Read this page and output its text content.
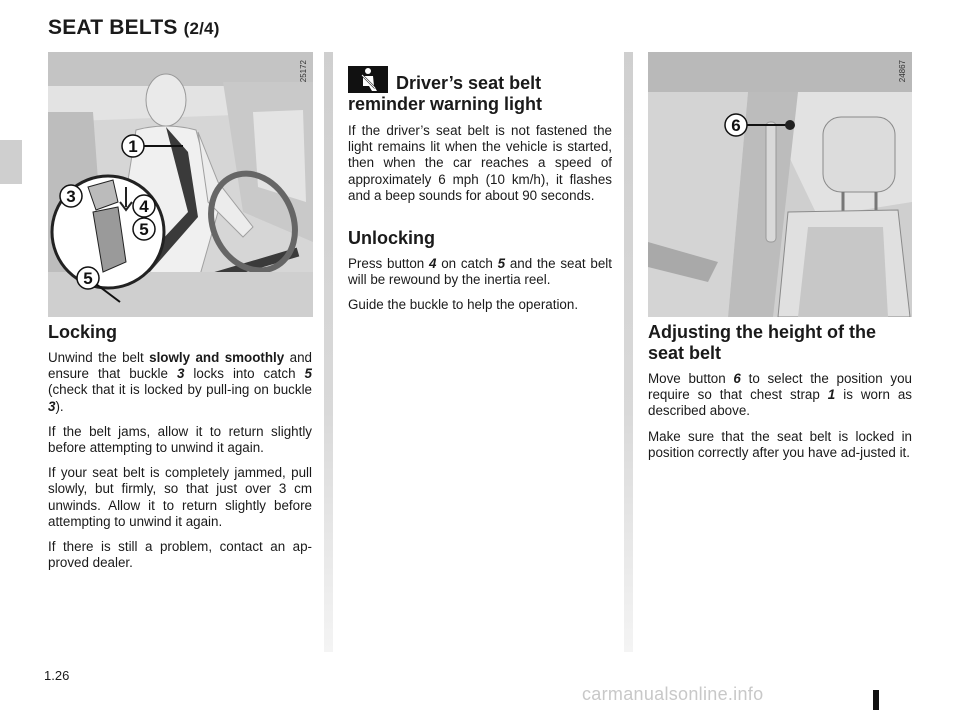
SEAT BELTS (2/4)
1
3
4
5
5
25172
6
24867
Locking

Unwind the belt slowly and smoothly and ensure that buckle 3 locks into catch 5 (check that it is locked by pull-ing on buckle 3).

If the belt jams, allow it to return slightly before attempting to unwind it again.

If your seat belt is completely jammed, pull slowly, but firmly, so that just over 3 cm unwinds. Allow it to return slightly before attempting to unwind it again.

If there is still a problem, contact an ap-proved dealer.

Driver’s seat belt
reminder warning light

If the driver’s seat belt is not fastened the light remains lit when the vehicle is started, then when the car reaches a speed of approximately 6 mph (10 km/h), it flashes and a beep sounds for about 90 seconds.

Unlocking

Press button 4 on catch 5 and the seat belt will be rewound by the inertia reel.

Guide the buckle to help the operation.

Adjusting the height of the
seat belt

Move button 6 to select the position you require so that chest strap 1 is worn as described above.

Make sure that the seat belt is locked in position correctly after you have ad-justed it.

1.26
carmanualsonline.info
